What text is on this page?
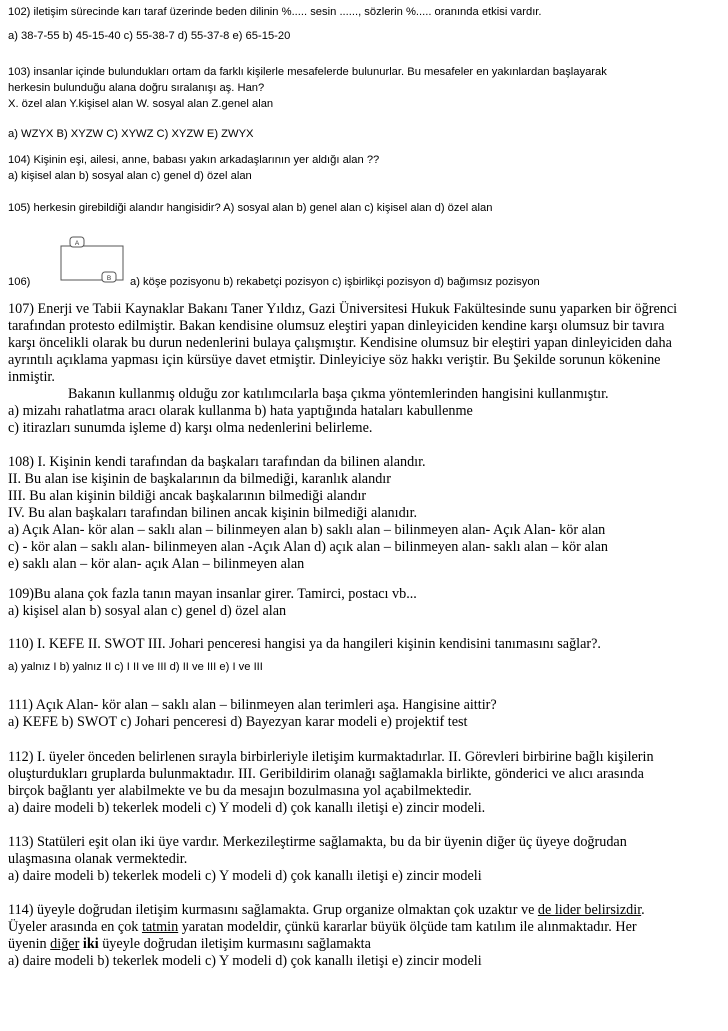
102) iletişim sürecinde karı taraf üzerinde beden dilinin %..... sesin ......, sözlerin %..... oranında etkisi vardır.
a) 38-7-55 b) 45-15-40 c) 55-38-7 d) 55-37-8 e) 65-15-20
103) insanlar içinde bulundukları ortam da farklı kişilerle mesafelerde bulunurlar. Bu mesafeler en yakınlardan başlayarak
herkesin bulunduğu alana doğru sıralanışı aş. Han?
X. özel alan Y.kişisel alan W. sosyal alan Z.genel alan
a) WZYX B) XYZW C) XYWZ C) XYZW E) ZWYX
104) Kişinin eşi, ailesi, anne, babası yakın arkadaşlarının yer aldığı alan ??
a) kişisel alan b) sosyal alan c) genel d) özel alan
105) herkesin girebildiği alandır hangisidir? A) sosyal alan b) genel alan c) kişisel alan d) özel alan
A
B
106)	a) köşe pozisyonu b) rekabetçi pozisyon c) işbirlikçi pozisyon d) bağımsız pozisyon
107) Enerji ve Tabii Kaynaklar Bakanı Taner Yıldız, Gazi Üniversitesi Hukuk Fakültesinde sunu yaparken bir öğrenci
tarafından protesto edilmiştir. Bakan kendisine olumsuz eleştiri yapan dinleyiciden kendine karşı olumsuz bir tavıra
karşı öncelikli olarak bu durun nedenlerini bulaya çalışmıştır. Kendisine olumsuz bir eleştiri yapan dinleyiciden daha
ayrıntılı açıklama yapması için kürsüye davet etmiştir. Dinleyiciye söz hakkı veriştir. Bu Şekilde sorunun kökenine
inmiştir.
Bakanın kullanmış olduğu zor katılımcılarla başa çıkma yöntemlerinden hangisini kullanmıştır.
a) mizahı rahatlatma aracı olarak kullanma b) hata yaptığında hataları kabullenme
c) itirazları sunumda işleme d) karşı olma nedenlerini belirleme.
108) I. Kişinin kendi tarafından da başkaları tarafından da bilinen alandır.
II. Bu alan ise kişinin de başkalarının da bilmediği, karanlık alandır
III. Bu alan kişinin bildiği ancak başkalarının bilmediği alandır
IV. Bu alan başkaları tarafından bilinen ancak kişinin bilmediği alanıdır.
a) Açık Alan- kör alan – saklı alan – bilinmeyen alan b) saklı alan – bilinmeyen alan- Açık Alan- kör alan
c) - kör alan – saklı alan- bilinmeyen alan -Açık Alan d) açık alan – bilinmeyen alan- saklı alan – kör alan
e) saklı alan – kör alan- açık Alan – bilinmeyen alan
109)Bu alana çok fazla tanın mayan insanlar girer. Tamirci, postacı vb...
a) kişisel alan b) sosyal alan c) genel d) özel alan
110) I. KEFE II. SWOT III. Johari penceresi hangisi ya da hangileri kişinin kendisini tanımasını sağlar?.
a) yalnız I b) yalnız II c) I II ve III d) II ve III e) I ve III
111) Açık Alan- kör alan – saklı alan – bilinmeyen alan terimleri aşa. Hangisine aittir?
a) KEFE b) SWOT c) Johari penceresi d) Bayezyan karar modeli e) projektif test
112) I. üyeler önceden belirlenen sırayla birbirleriyle iletişim kurmaktadırlar. II. Görevleri birbirine bağlı kişilerin
oluşturdukları gruplarda bulunmaktadır. III. Geribildirim olanağı sağlamakla birlikte, gönderici ve alıcı arasında
birçok bağlantı yer alabilmekte ve bu da mesajın bozulmasına yol açabilmektedir.
a) daire modeli b) tekerlek modeli c) Y modeli d) çok kanallı iletişi e) zincir modeli.
113) Statüleri eşit olan iki üye vardır. Merkezileştirme sağlamakta, bu da bir üyenin diğer üç üyeye doğrudan
ulaşmasına olanak vermektedir.
a) daire modeli b) tekerlek modeli c) Y modeli d) çok kanallı iletişi e) zincir modeli
114) üyeyle doğrudan iletişim kurmasını sağlamakta. Grup organize olmaktan çok uzaktır ve de lider belirsizdir.
Üyeler arasında en çok tatmin yaratan modeldir, çünkü kararlar büyük ölçüde tam katılım ile alınmaktadır. Her
üyenin diğer iki üyeyle doğrudan iletişim kurmasını sağlamakta
a) daire modeli b) tekerlek modeli c) Y modeli d) çok kanallı iletişi e) zincir modeli
